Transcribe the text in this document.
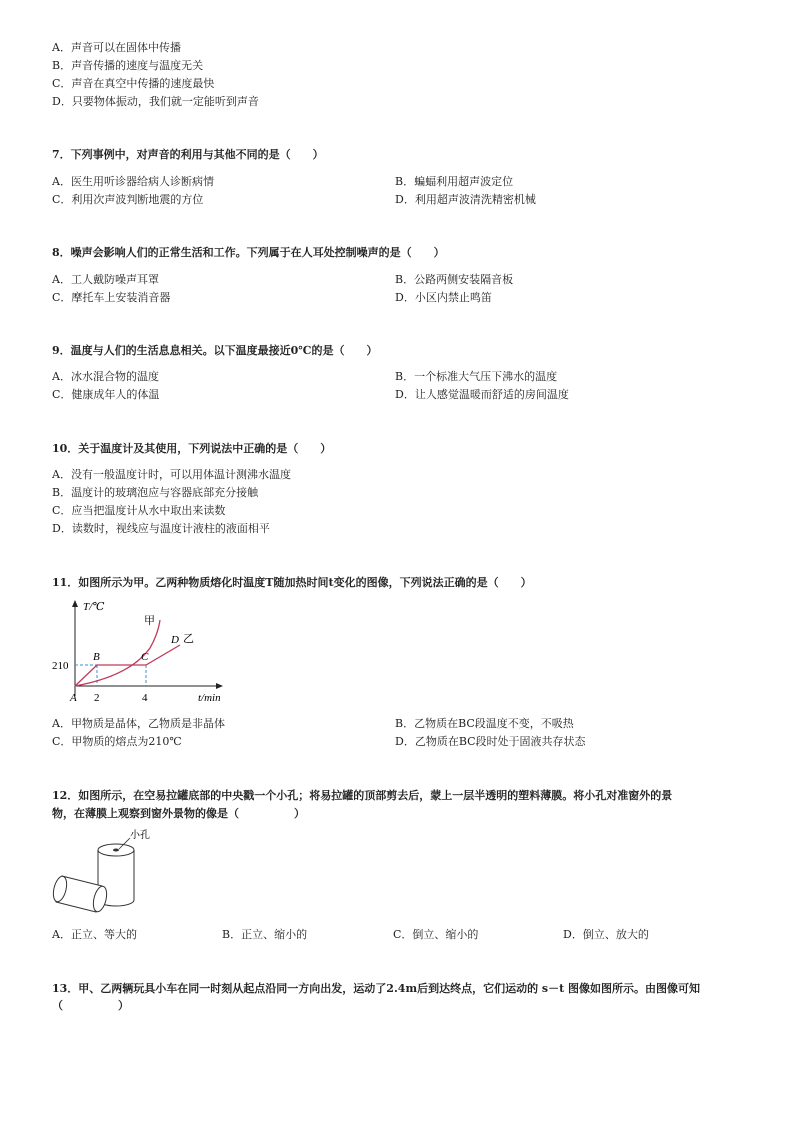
A．声音可以在固体中传播
B．声音传播的速度与温度无关
C．声音在真空中传播的速度最快
D．只要物体振动，我们就一定能听到声音
7．下列事例中，对声音的利用与其他不同的是（　　）
A．医生用听诊器给病人诊断病情	B．蝙蝠利用超声波定位
C．利用次声波判断地震的方位	D．利用超声波清洗精密机械
8．噪声会影响人们的正常生活和工作。下列属于在人耳处控制噪声的是（　　）
A．工人戴防噪声耳罩	B．公路两侧安装隔音板
C．摩托车上安装消音器	D．小区内禁止鸣笛
9．温度与人们的生活息息相关。以下温度最接近0℃的是（　　）
A．冰水混合物的温度	B．一个标准大气压下沸水的温度
C．健康成年人的体温	D．让人感觉温暖而舒适的房间温度
10．关于温度计及其使用，下列说法中正确的是（　　）
A．没有一般温度计时，可以用体温计测沸水温度
B．温度计的玻璃泡应与容器底部充分接触
C．应当把温度计从水中取出来读数
D．读数时，视线应与温度计液柱的液面相平
11．如图所示为甲。乙两种物质熔化时温度T随加热时间t变化的图像，下列说法正确的是（　　）
T/℃
t/min
210
2	4
A
B	C
D
甲
乙
A．甲物质是晶体，乙物质是非晶体	B．乙物质在BC段温度不变，不吸热
C．甲物质的熔点为210℃	D．乙物质在BC段时处于固液共存状态
12．如图所示，在空易拉罐底部的中央戳一个小孔；将易拉罐的顶部剪去后，蒙上一层半透明的塑料薄膜。将小孔对准窗外的景
物，在薄膜上观察到窗外景物的像是（　　　　　）
小孔
A．正立、等大的	B．正立、缩小的	C．倒立、缩小的	D．倒立、放大的
13．甲、乙两辆玩具小车在同一时刻从起点沿同一方向出发，运动了2.4m后到达终点，它们运动的 s－t 图像如图所示。由图像可知
（　　　　　）
